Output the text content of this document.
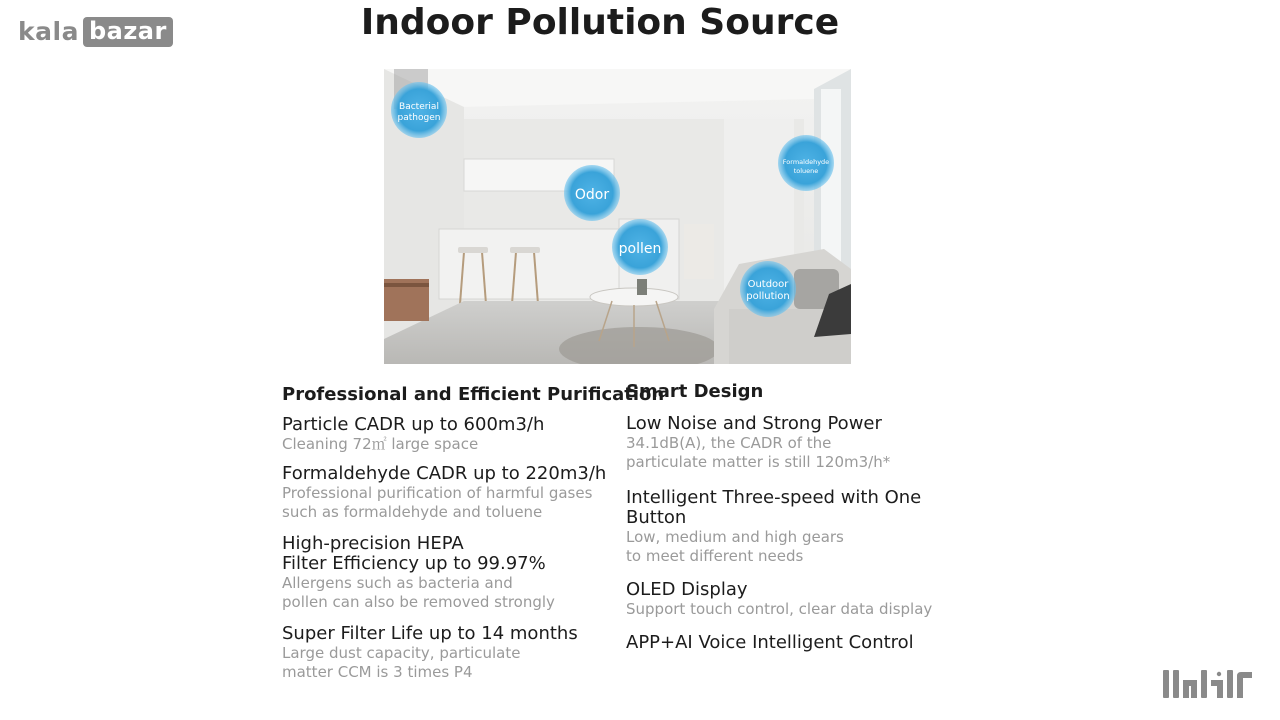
kala bazar	Indoor Pollution Source
Bacterial
pathogen
Odor
pollen
Formaldehyde
toluene
Outdoor
pollution
Professional and Efficient Purification
Particle CADR up to 600m3/h
Cleaning 72㎡ large space
Formaldehyde CADR up to 220m3/h
Professional purification of harmful gases
such as formaldehyde and toluene
High-precision HEPA
Filter Efficiency up to 99.97%
Allergens such as bacteria and
pollen can also be removed strongly
Super Filter Life up to 14 months
Large dust capacity, particulate
matter CCM is 3 times P4
Smart Design
Low Noise and Strong Power
34.1dB(A), the CADR of the
particulate matter is still 120m3/h*
Intelligent Three-speed with One Button
Low, medium and high gears
to meet different needs
OLED Display
Support touch control, clear data display
APP+AI Voice Intelligent Control
